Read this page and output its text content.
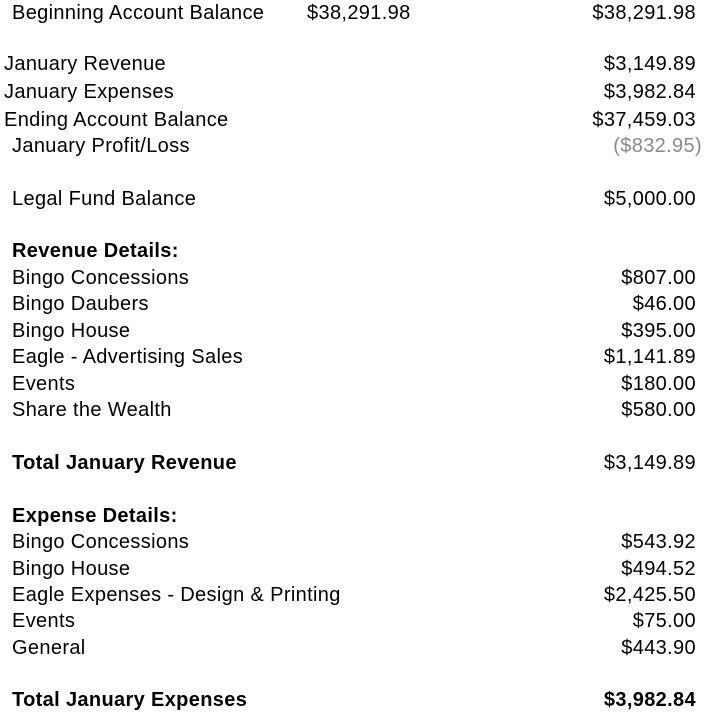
Beginning Account Balance $38,291.98	$38,291.98
January Revenue	$3,149.89
January Expenses	$3,982.84
Ending Account Balance	$37,459.03
January Profit/Loss	($832.95)
Legal Fund Balance	$5,000.00
Revenue Details:
Bingo Concessions	$807.00
Bingo Daubers	$46.00
Bingo House	$395.00
Eagle - Advertising Sales	$1,141.89
Events	$180.00
Share the Wealth	$580.00
Total January Revenue	$3,149.89
Expense Details:
Bingo Concessions	$543.92
Bingo House	$494.52
Eagle Expenses - Design & Printing	$2,425.50
Events	$75.00
General	$443.90
Total January Expenses	$3,982.84
